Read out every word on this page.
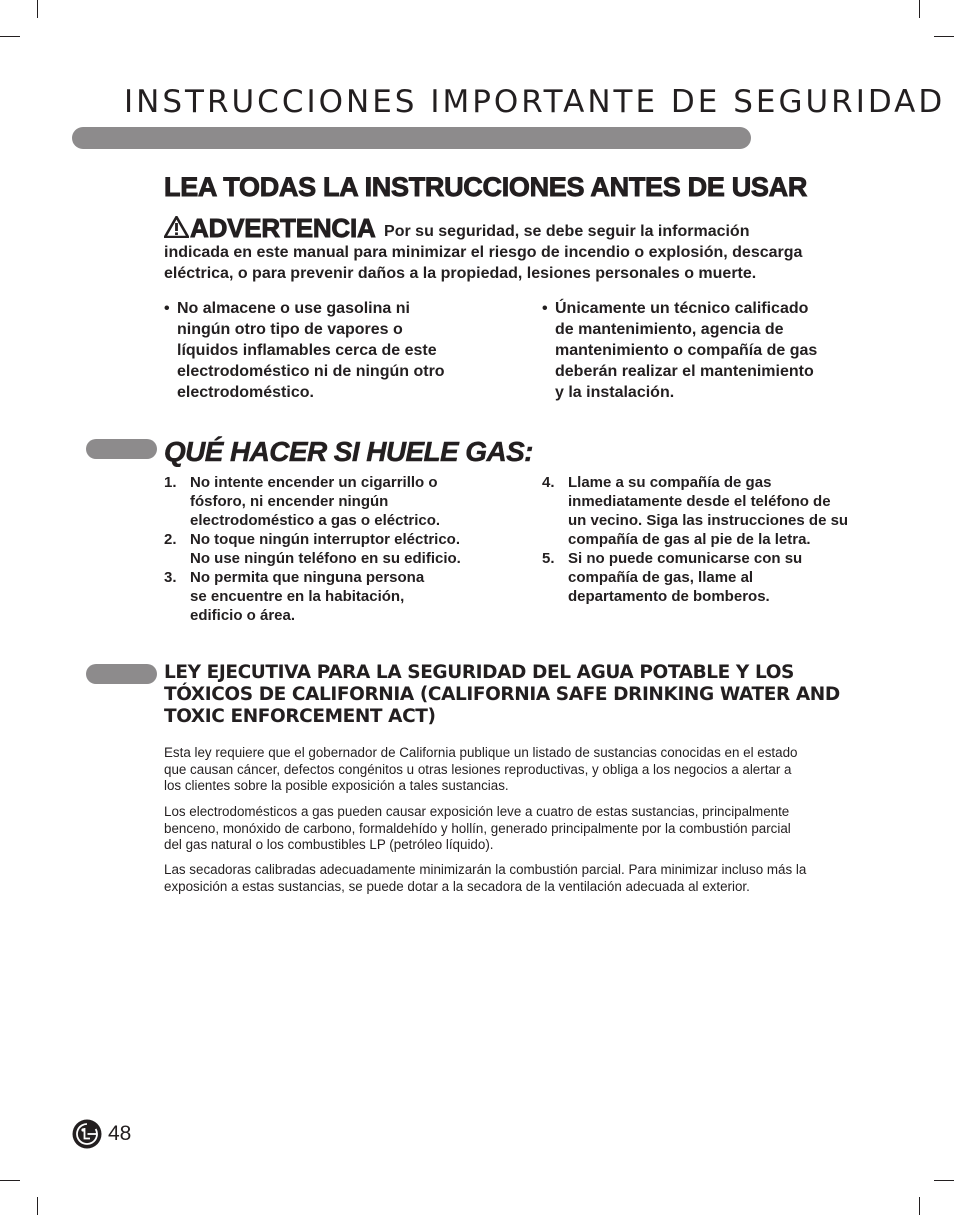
INSTRUCCIONES IMPORTANTE DE SEGURIDAD
LEA TODAS LA INSTRUCCIONES ANTES DE USAR
ADVERTENCIA Por su seguridad, se debe seguir la información
indicada en este manual para minimizar el riesgo de incendio o explosión, descarga
eléctrica, o para prevenir daños a la propiedad, lesiones personales o muerte.
• No almacene o use gasolina ni
ningún otro tipo de vapores o
líquidos inflamables cerca de este
electrodoméstico ni de ningún otro
electrodoméstico.
• Únicamente un técnico calificado
de mantenimiento, agencia de
mantenimiento o compañía de gas
deberán realizar el mantenimiento
y la instalación.
QUÉ HACER SI HUELE GAS:
1. No intente encender un cigarrillo o
fósforo, ni encender ningún
electrodoméstico a gas o eléctrico.
2. No toque ningún interruptor eléctrico.
No use ningún teléfono en su edificio.
3. No permita que ninguna persona
se encuentre en la habitación,
edificio o área.
4. Llame a su compañía de gas
inmediatamente desde el teléfono de
un vecino. Siga las instrucciones de su
compañía de gas al pie de la letra.
5. Si no puede comunicarse con su
compañía de gas, llame al
departamento de bomberos.
LEY EJECUTIVA PARA LA SEGURIDAD DEL AGUA POTABLE Y LOS
TÓXICOS DE CALIFORNIA (CALIFORNIA SAFE DRINKING WATER AND
TOXIC ENFORCEMENT ACT)

Esta ley requiere que el gobernador de California publique un listado de sustancias conocidas en el estado
que causan cáncer, defectos congénitos u otras lesiones reproductivas, y obliga a los negocios a alertar a
los clientes sobre la posible exposición a tales sustancias.

Los electrodomésticos a gas pueden causar exposición leve a cuatro de estas sustancias, principalmente
benceno, monóxido de carbono, formaldehído y hollín, generado principalmente por la combustión parcial
del gas natural o los combustibles LP (petróleo líquido).

Las secadoras calibradas adecuadamente minimizarán la combustión parcial. Para minimizar incluso más la
exposición a estas sustancias, se puede dotar a la secadora de la ventilación adecuada al exterior.

48
